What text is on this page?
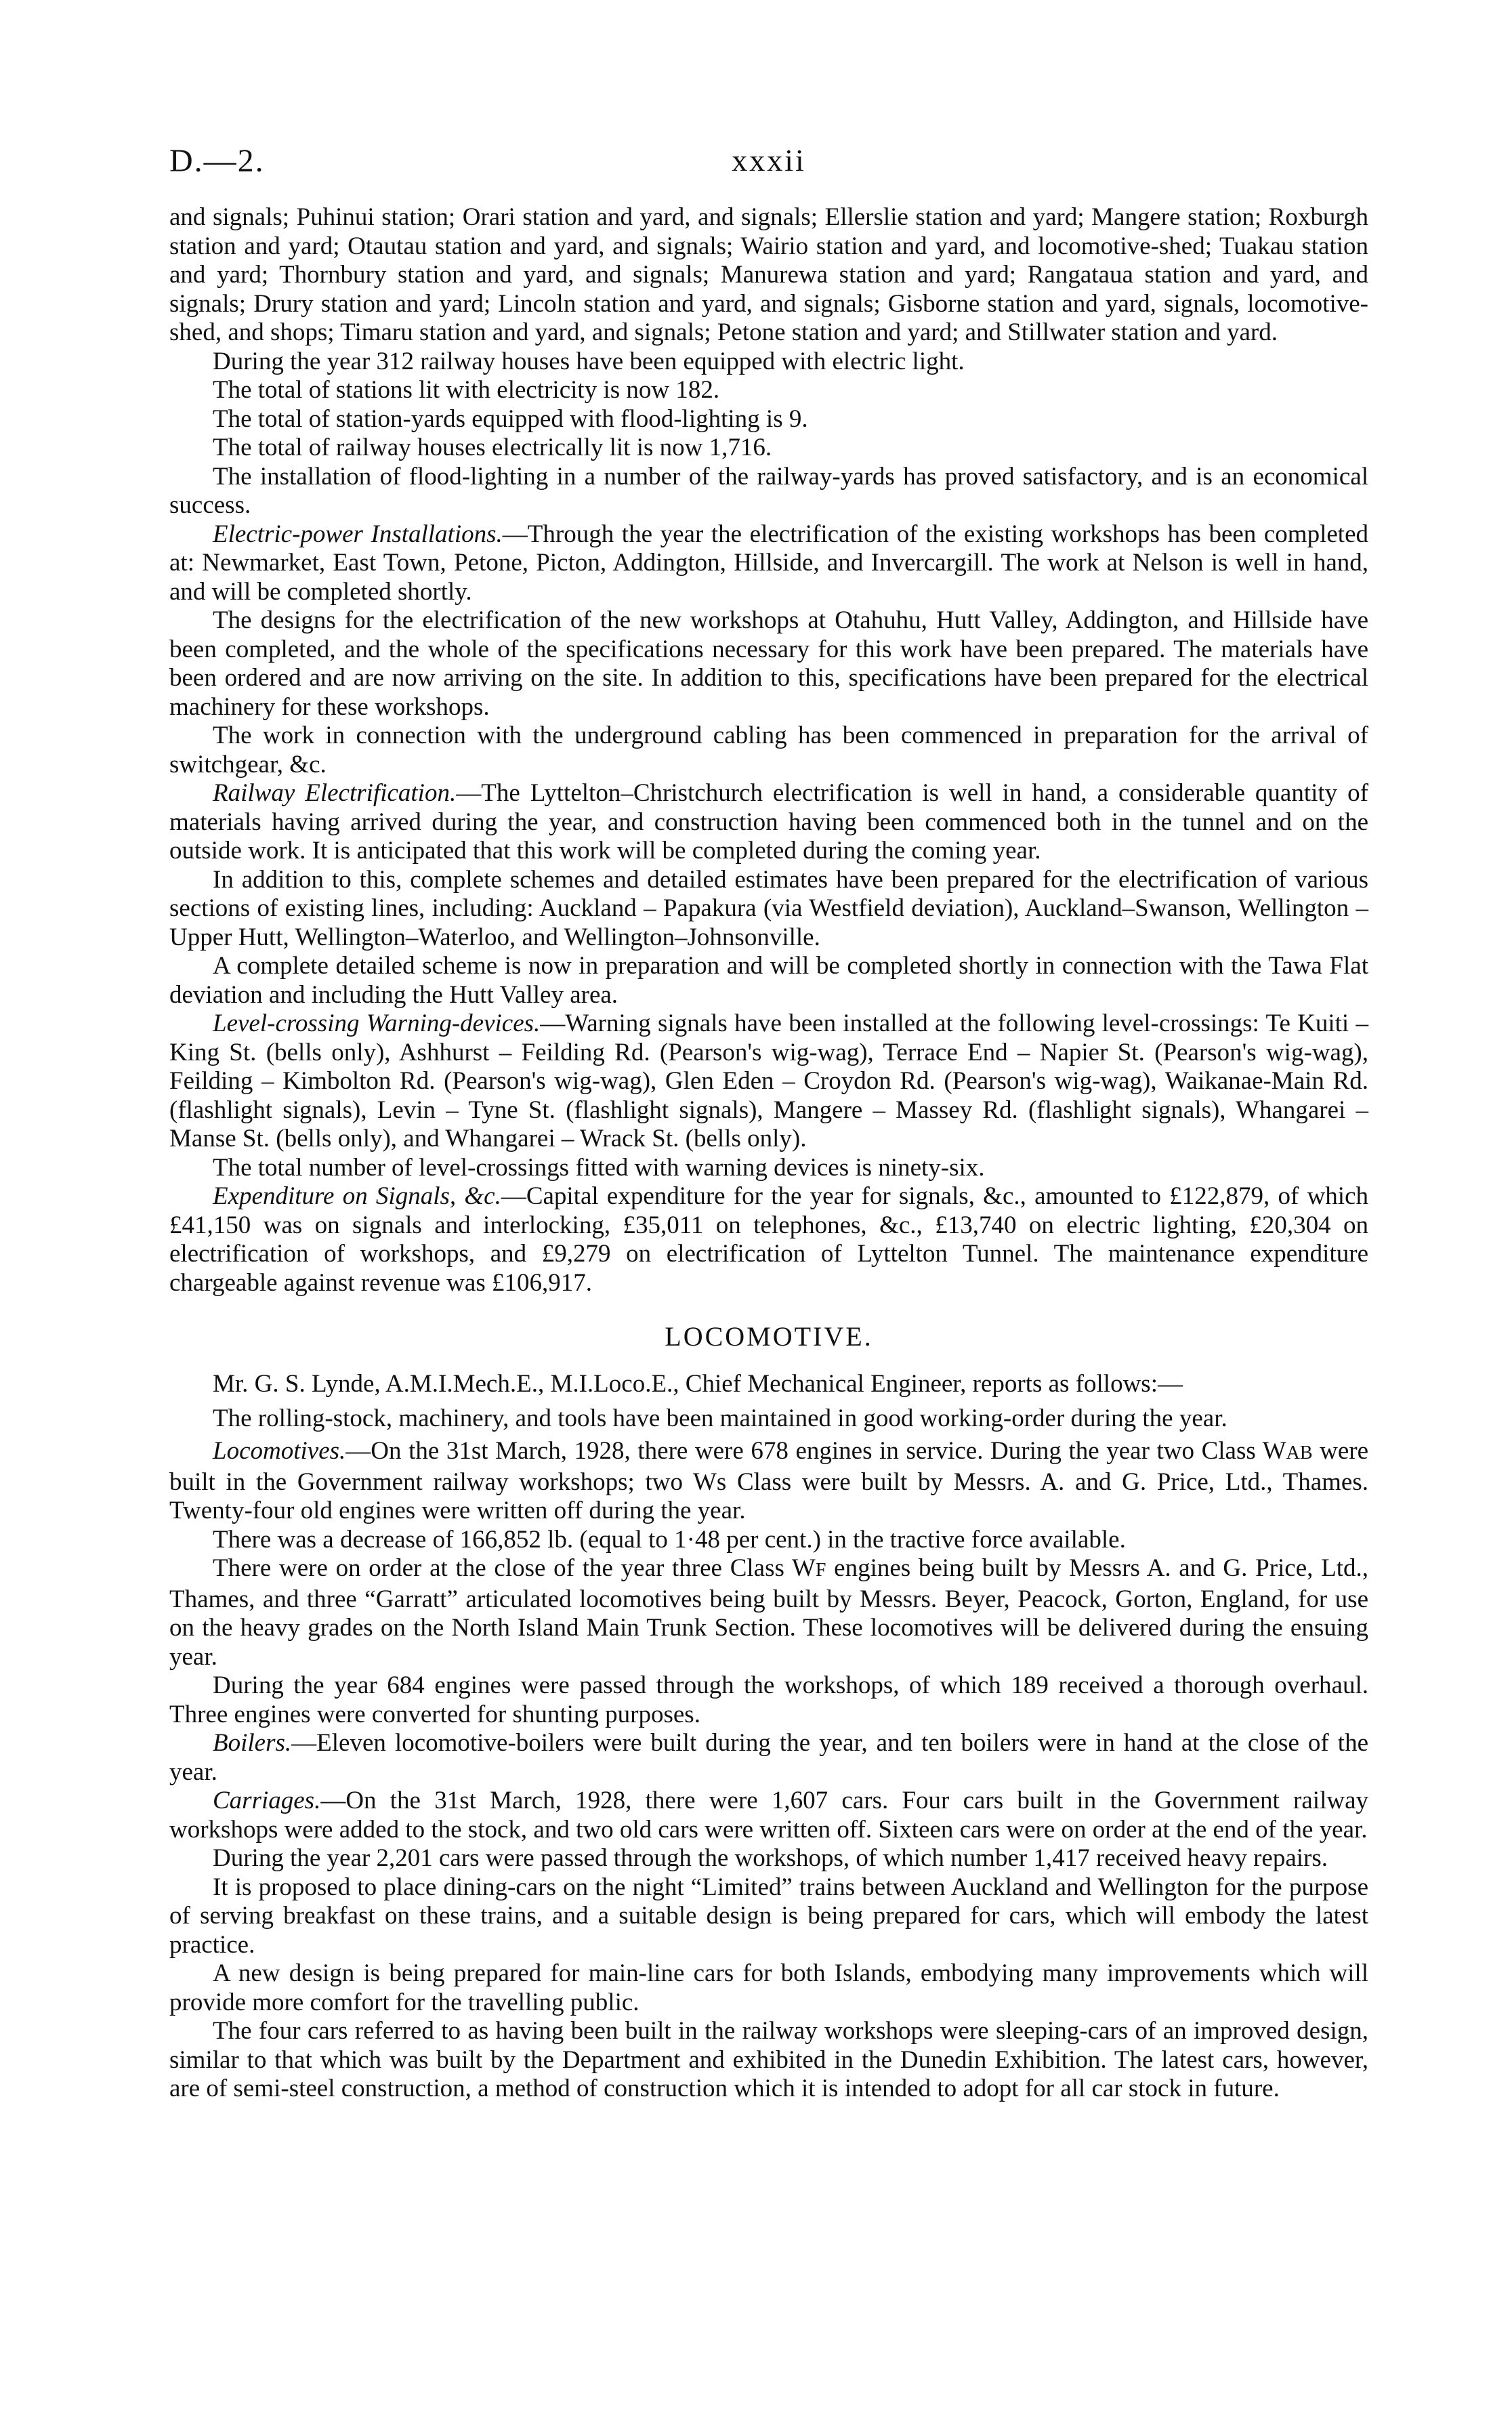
D.—2.	xxxii

and signals; Puhinui station; Orari station and yard, and signals; Ellerslie station and yard; Mangere station; Roxburgh station and yard; Otautau station and yard, and signals; Wairio station and yard, and locomotive-shed; Tuakau station and yard; Thornbury station and yard, and signals; Manurewa station and yard; Rangataua station and yard, and signals; Drury station and yard; Lincoln station and yard, and signals; Gisborne station and yard, signals, locomotive-shed, and shops; Timaru station and yard, and signals; Petone station and yard; and Stillwater station and yard.

During the year 312 railway houses have been equipped with electric light.

The total of stations lit with electricity is now 182.

The total of station-yards equipped with flood-lighting is 9.

The total of railway houses electrically lit is now 1,716.

The installation of flood-lighting in a number of the railway-yards has proved satisfactory, and is an economical success.

Electric-power Installations.—Through the year the electrification of the existing workshops has been completed at: Newmarket, East Town, Petone, Picton, Addington, Hillside, and Invercargill. The work at Nelson is well in hand, and will be completed shortly.

The designs for the electrification of the new workshops at Otahuhu, Hutt Valley, Addington, and Hillside have been completed, and the whole of the specifications necessary for this work have been prepared. The materials have been ordered and are now arriving on the site. In addition to this, specifications have been prepared for the electrical machinery for these workshops.

The work in connection with the underground cabling has been commenced in preparation for the arrival of switchgear, &c.

Railway Electrification.—The Lyttelton–Christchurch electrification is well in hand, a considerable quantity of materials having arrived during the year, and construction having been commenced both in the tunnel and on the outside work. It is anticipated that this work will be completed during the coming year.

In addition to this, complete schemes and detailed estimates have been prepared for the electrification of various sections of existing lines, including: Auckland – Papakura (via Westfield deviation), Auckland–Swanson, Wellington – Upper Hutt, Wellington–Waterloo, and Wellington–Johnsonville.

A complete detailed scheme is now in preparation and will be completed shortly in connection with the Tawa Flat deviation and including the Hutt Valley area.

Level-crossing Warning-devices.—Warning signals have been installed at the following level-crossings: Te Kuiti – King St. (bells only), Ashhurst – Feilding Rd. (Pearson's wig-wag), Terrace End – Napier St. (Pearson's wig-wag), Feilding – Kimbolton Rd. (Pearson's wig-wag), Glen Eden – Croydon Rd. (Pearson's wig-wag), Waikanae-Main Rd. (flashlight signals), Levin – Tyne St. (flashlight signals), Mangere – Massey Rd. (flashlight signals), Whangarei – Manse St. (bells only), and Whangarei – Wrack St. (bells only).

The total number of level-crossings fitted with warning devices is ninety-six.

Expenditure on Signals, &c.—Capital expenditure for the year for signals, &c., amounted to £122,879, of which £41,150 was on signals and interlocking, £35,011 on telephones, &c., £13,740 on electric lighting, £20,304 on electrification of workshops, and £9,279 on electrification of Lyttelton Tunnel. The maintenance expenditure chargeable against revenue was £106,917.

LOCOMOTIVE.

Mr. G. S. Lynde, A.M.I.Mech.E., M.I.Loco.E., Chief Mechanical Engineer, reports as follows:—

The rolling-stock, machinery, and tools have been maintained in good working-order during the year.

Locomotives.—On the 31st March, 1928, there were 678 engines in service. During the year two Class WAB were built in the Government railway workshops; two Ws Class were built by Messrs. A. and G. Price, Ltd., Thames. Twenty-four old engines were written off during the year.

There was a decrease of 166,852 lb. (equal to 1·48 per cent.) in the tractive force available.

There were on order at the close of the year three Class WF engines being built by Messrs A. and G. Price, Ltd., Thames, and three “Garratt” articulated locomotives being built by Messrs. Beyer, Peacock, Gorton, England, for use on the heavy grades on the North Island Main Trunk Section. These locomotives will be delivered during the ensuing year.

During the year 684 engines were passed through the workshops, of which 189 received a thorough overhaul. Three engines were converted for shunting purposes.

Boilers.—Eleven locomotive-boilers were built during the year, and ten boilers were in hand at the close of the year.

Carriages.—On the 31st March, 1928, there were 1,607 cars. Four cars built in the Government railway workshops were added to the stock, and two old cars were written off. Sixteen cars were on order at the end of the year.

During the year 2,201 cars were passed through the workshops, of which number 1,417 received heavy repairs.

It is proposed to place dining-cars on the night “Limited” trains between Auckland and Wellington for the purpose of serving breakfast on these trains, and a suitable design is being prepared for cars, which will embody the latest practice.

A new design is being prepared for main-line cars for both Islands, embodying many improvements which will provide more comfort for the travelling public.

The four cars referred to as having been built in the railway workshops were sleeping-cars of an improved design, similar to that which was built by the Department and exhibited in the Dunedin Exhibition. The latest cars, however, are of semi-steel construction, a method of construction which it is intended to adopt for all car stock in future.
